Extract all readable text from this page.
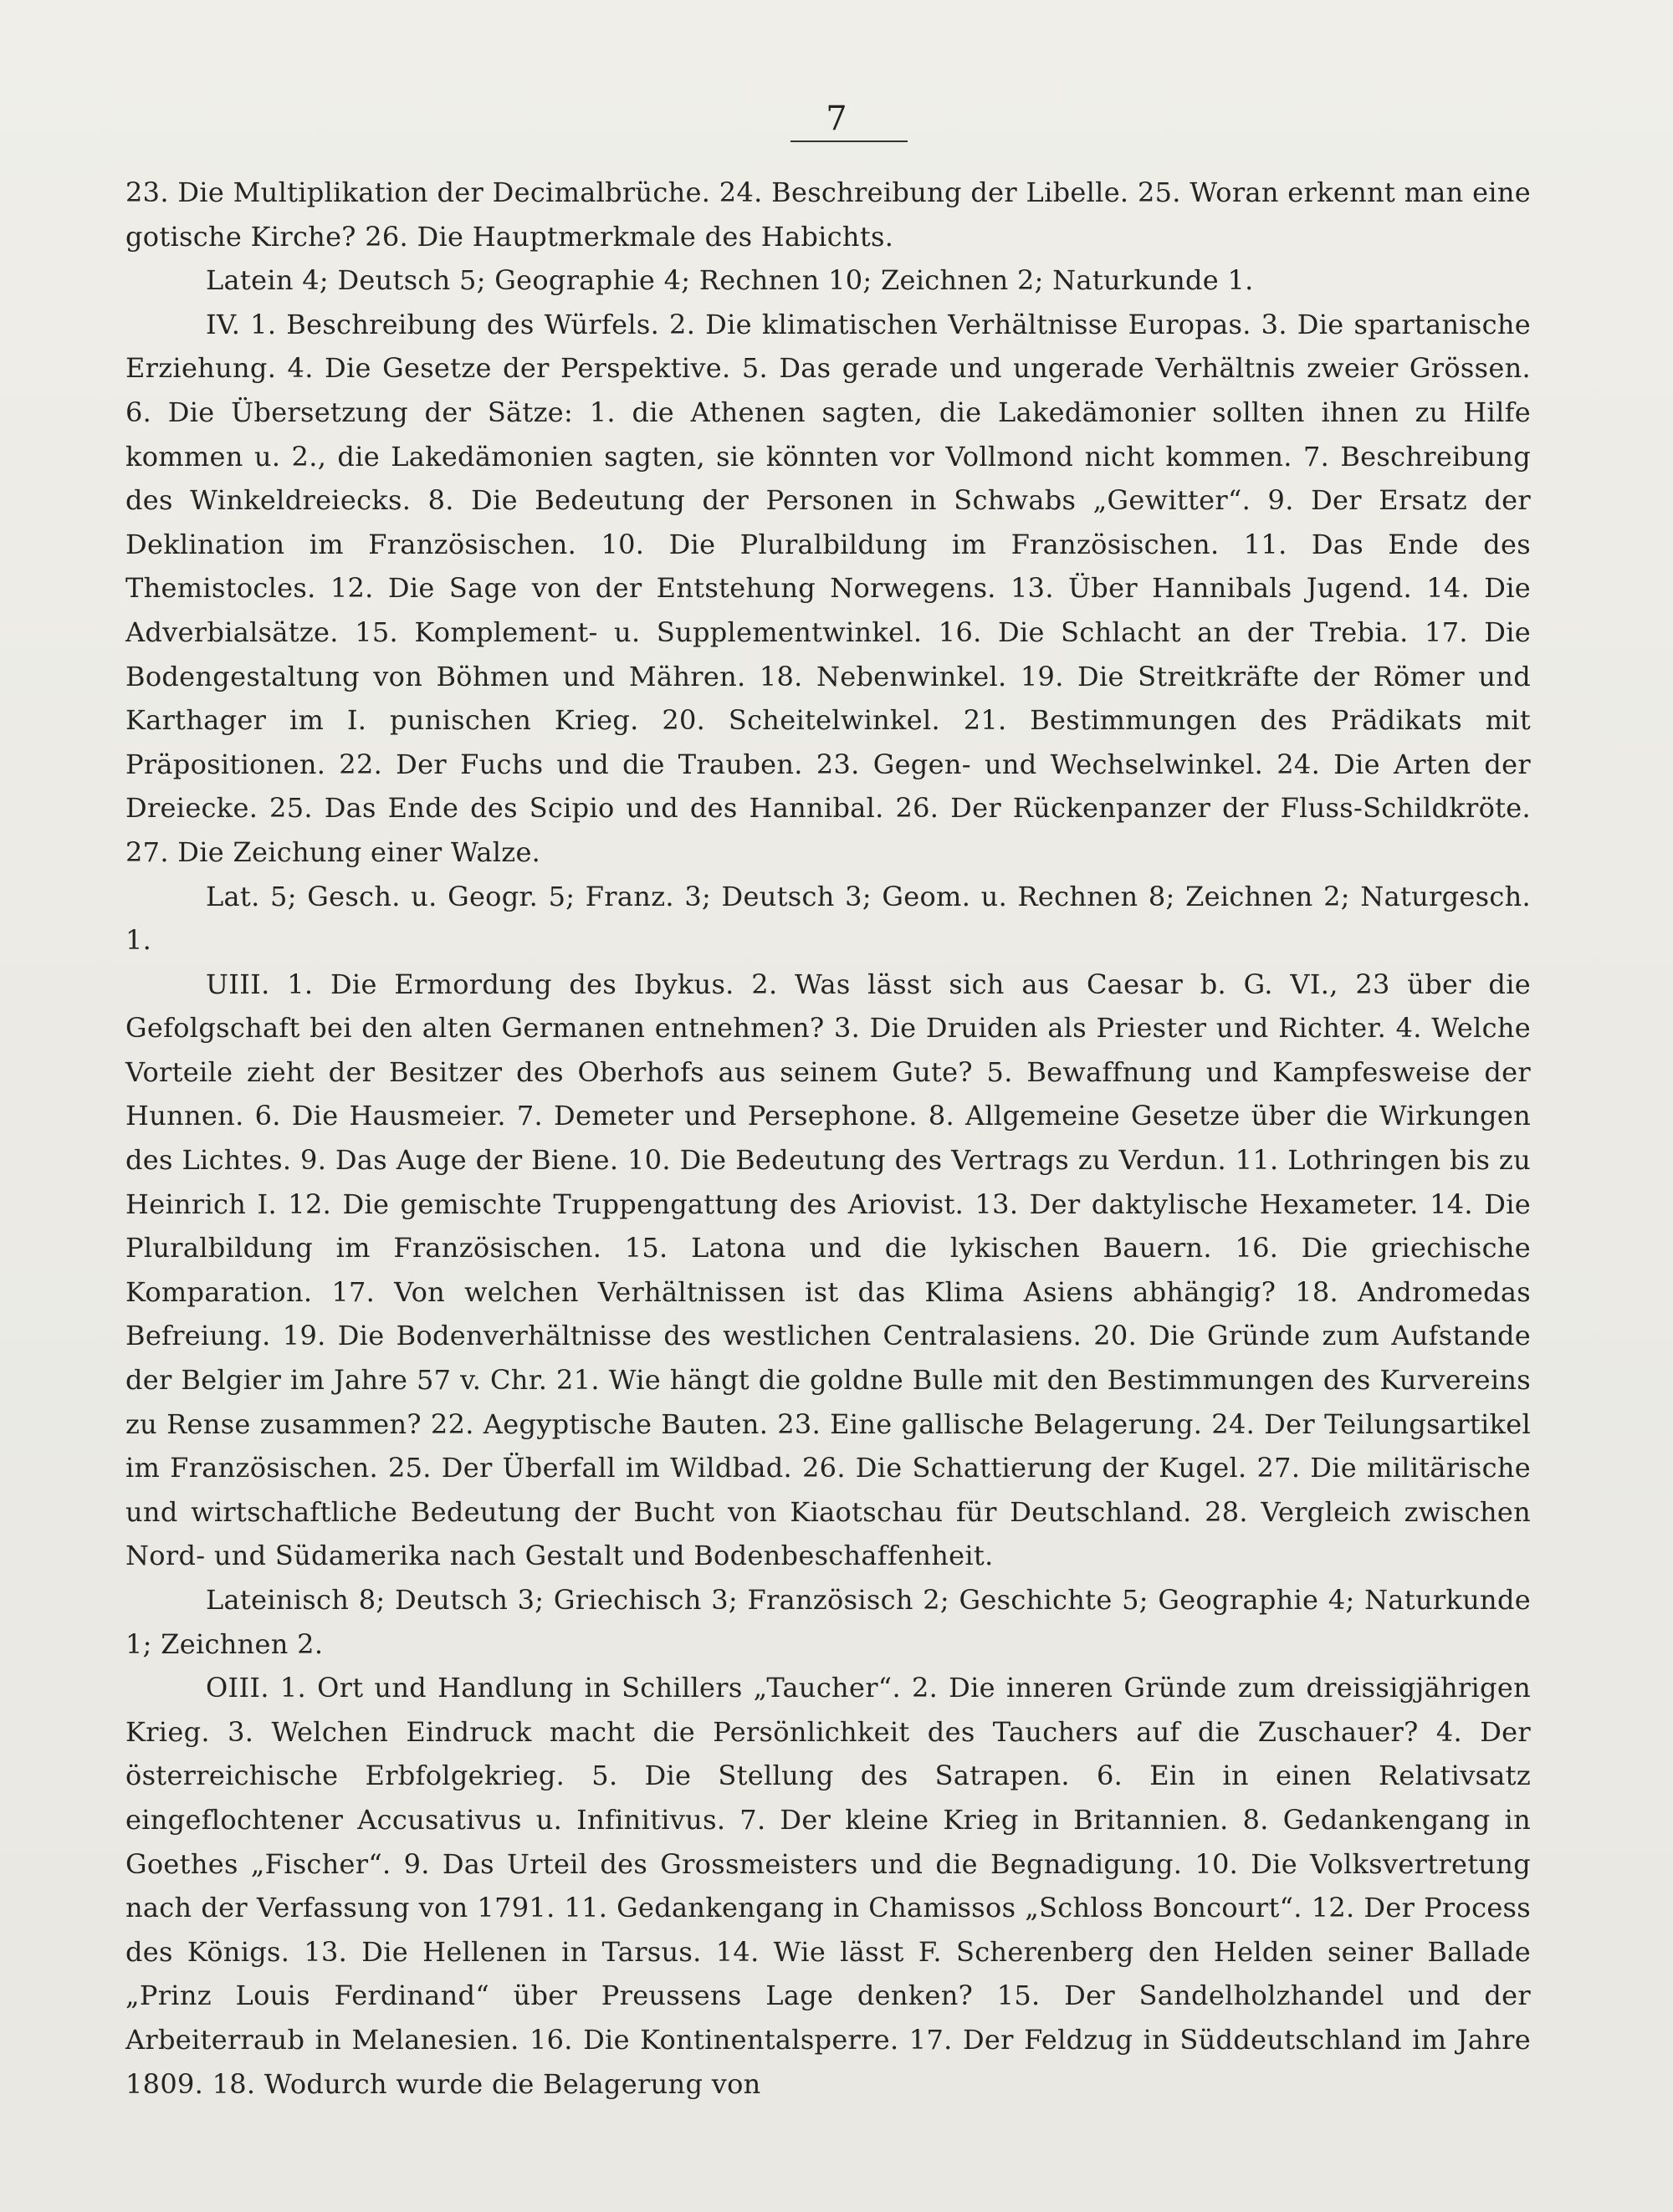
7

23. Die Multiplikation der Decimalbrüche. 24. Beschreibung der Libelle. 25. Woran erkennt man eine gotische Kirche? 26. Die Hauptmerkmale des Habichts.

Latein 4; Deutsch 5; Geographie 4; Rechnen 10; Zeichnen 2; Naturkunde 1.

IV. 1. Beschreibung des Würfels. 2. Die klimatischen Verhältnisse Europas. 3. Die spartanische Erziehung. 4. Die Gesetze der Perspektive. 5. Das gerade und ungerade Verhältnis zweier Grössen. 6. Die Übersetzung der Sätze: 1. die Athenen sagten, die Lakedämonier sollten ihnen zu Hilfe kommen u. 2., die Lakedämonien sagten, sie könnten vor Vollmond nicht kommen. 7. Beschreibung des Winkeldreiecks. 8. Die Bedeutung der Personen in Schwabs „Gewitter“. 9. Der Ersatz der Deklination im Französischen. 10. Die Pluralbildung im Französischen. 11. Das Ende des Themistocles. 12. Die Sage von der Entstehung Norwegens. 13. Über Hannibals Jugend. 14. Die Adverbialsätze. 15. Komplement- u. Supplementwinkel. 16. Die Schlacht an der Trebia. 17. Die Bodengestaltung von Böhmen und Mähren. 18. Nebenwinkel. 19. Die Streitkräfte der Römer und Karthager im I. punischen Krieg. 20. Scheitelwinkel. 21. Bestimmungen des Prädikats mit Präpositionen. 22. Der Fuchs und die Trauben. 23. Gegen- und Wechselwinkel. 24. Die Arten der Dreiecke. 25. Das Ende des Scipio und des Hannibal. 26. Der Rückenpanzer der Fluss-Schildkröte. 27. Die Zeichung einer Walze.

Lat. 5; Gesch. u. Geogr. 5; Franz. 3; Deutsch 3; Geom. u. Rechnen 8; Zeichnen 2; Naturgesch. 1.

UIII. 1. Die Ermordung des Ibykus. 2. Was lässt sich aus Caesar b. G. VI., 23 über die Gefolgschaft bei den alten Germanen entnehmen? 3. Die Druiden als Priester und Richter. 4. Welche Vorteile zieht der Besitzer des Oberhofs aus seinem Gute? 5. Bewaffnung und Kampfesweise der Hunnen. 6. Die Hausmeier. 7. Demeter und Persephone. 8. Allgemeine Gesetze über die Wirkungen des Lichtes. 9. Das Auge der Biene. 10. Die Bedeutung des Vertrags zu Verdun. 11. Lothringen bis zu Heinrich I. 12. Die gemischte Truppengattung des Ariovist. 13. Der daktylische Hexameter. 14. Die Pluralbildung im Französischen. 15. Latona und die lykischen Bauern. 16. Die griechische Komparation. 17. Von welchen Verhältnissen ist das Klima Asiens abhängig? 18. Andromedas Befreiung. 19. Die Bodenverhältnisse des westlichen Centralasiens. 20. Die Gründe zum Aufstande der Belgier im Jahre 57 v. Chr. 21. Wie hängt die goldne Bulle mit den Bestimmungen des Kurvereins zu Rense zusammen? 22. Aegyptische Bauten. 23. Eine gallische Belagerung. 24. Der Teilungsartikel im Französischen. 25. Der Überfall im Wildbad. 26. Die Schattierung der Kugel. 27. Die militärische und wirtschaftliche Bedeutung der Bucht von Kiaotschau für Deutschland. 28. Vergleich zwischen Nord- und Südamerika nach Gestalt und Bodenbeschaffenheit.

Lateinisch 8; Deutsch 3; Griechisch 3; Französisch 2; Geschichte 5; Geographie 4; Naturkunde 1; Zeichnen 2.

OIII. 1. Ort und Handlung in Schillers „Taucher“. 2. Die inneren Gründe zum dreissigjährigen Krieg. 3. Welchen Eindruck macht die Persönlichkeit des Tauchers auf die Zuschauer? 4. Der österreichische Erbfolgekrieg. 5. Die Stellung des Satrapen. 6. Ein in einen Relativsatz eingeflochtener Accusativus u. Infinitivus. 7. Der kleine Krieg in Britannien. 8. Gedankengang in Goethes „Fischer“. 9. Das Urteil des Grossmeisters und die Begnadigung. 10. Die Volksvertretung nach der Verfassung von 1791. 11. Gedankengang in Chamissos „Schloss Boncourt“. 12. Der Process des Königs. 13. Die Hellenen in Tarsus. 14. Wie lässt F. Scherenberg den Helden seiner Ballade „Prinz Louis Ferdinand“ über Preussens Lage denken? 15. Der Sandelholzhandel und der Arbeiterraub in Melanesien. 16. Die Kontinentalsperre. 17. Der Feldzug in Süddeutschland im Jahre 1809. 18. Wodurch wurde die Belagerung von
